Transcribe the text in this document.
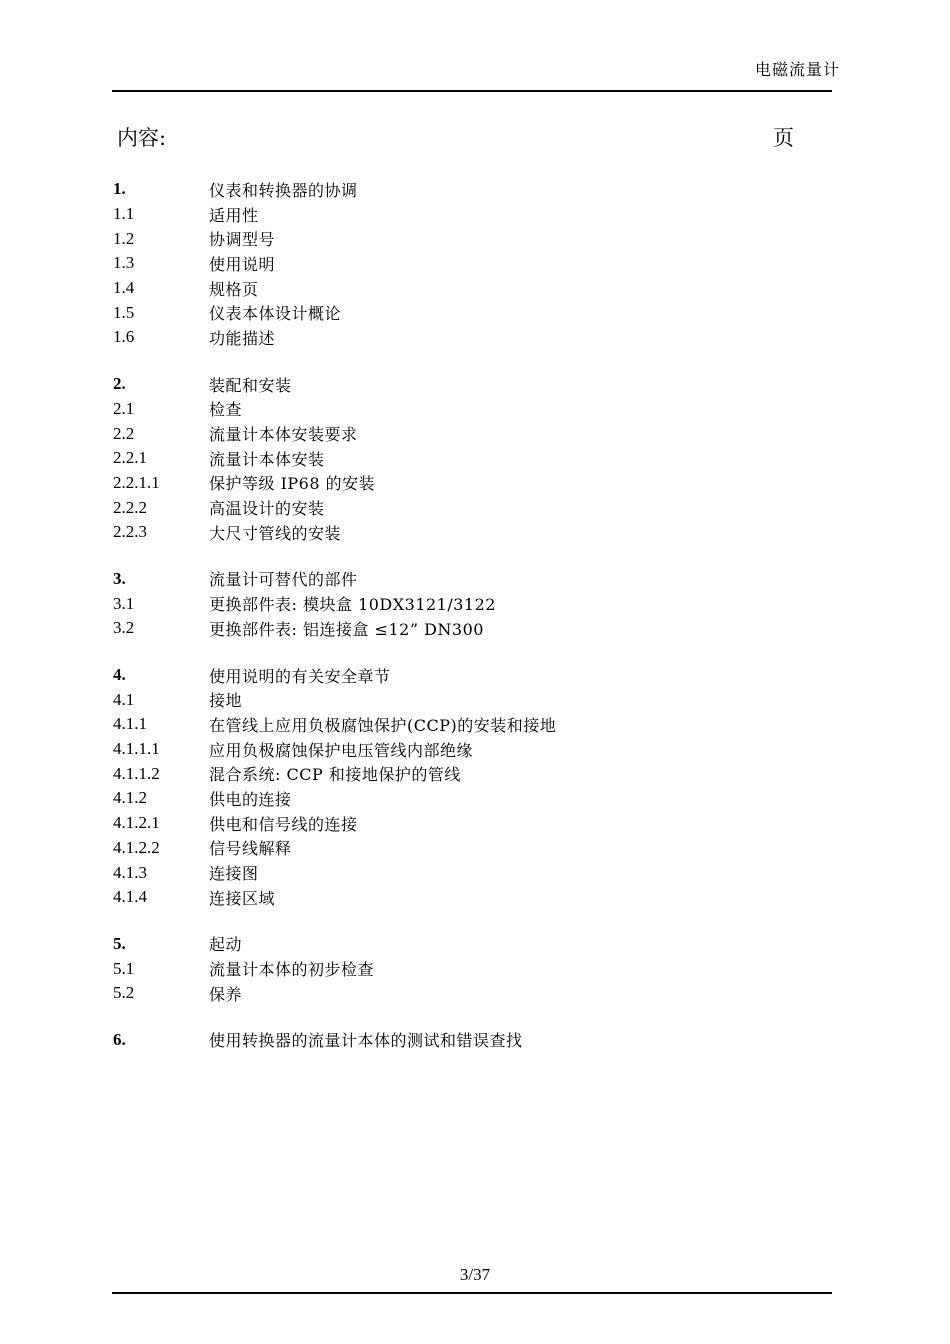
电磁流量计
内容:	页
1.	仪表和转换器的协调
1.1	适用性
1.2	协调型号
1.3	使用说明
1.4	规格页
1.5	仪表本体设计概论
1.6	功能描述
2.	装配和安装
2.1	检查
2.2	流量计本体安装要求
2.2.1	流量计本体安装
2.2.1.1	保护等级 IP68 的安装
2.2.2	高温设计的安装
2.2.3	大尺寸管线的安装
3.	流量计可替代的部件
3.1	更换部件表: 模块盒 10DX3121/3122
3.2	更换部件表: 铝连接盒 ≤12” DN300
4.	使用说明的有关安全章节
4.1	接地
4.1.1	在管线上应用负极腐蚀保护(CCP)的安装和接地
4.1.1.1	应用负极腐蚀保护电压管线内部绝缘
4.1.1.2	混合系统: CCP 和接地保护的管线
4.1.2	供电的连接
4.1.2.1	供电和信号线的连接
4.1.2.2	信号线解释
4.1.3	连接图
4.1.4	连接区域
5.	起动
5.1	流量计本体的初步检查
5.2	保养
6.	使用转换器的流量计本体的测试和错误查找
3/37
